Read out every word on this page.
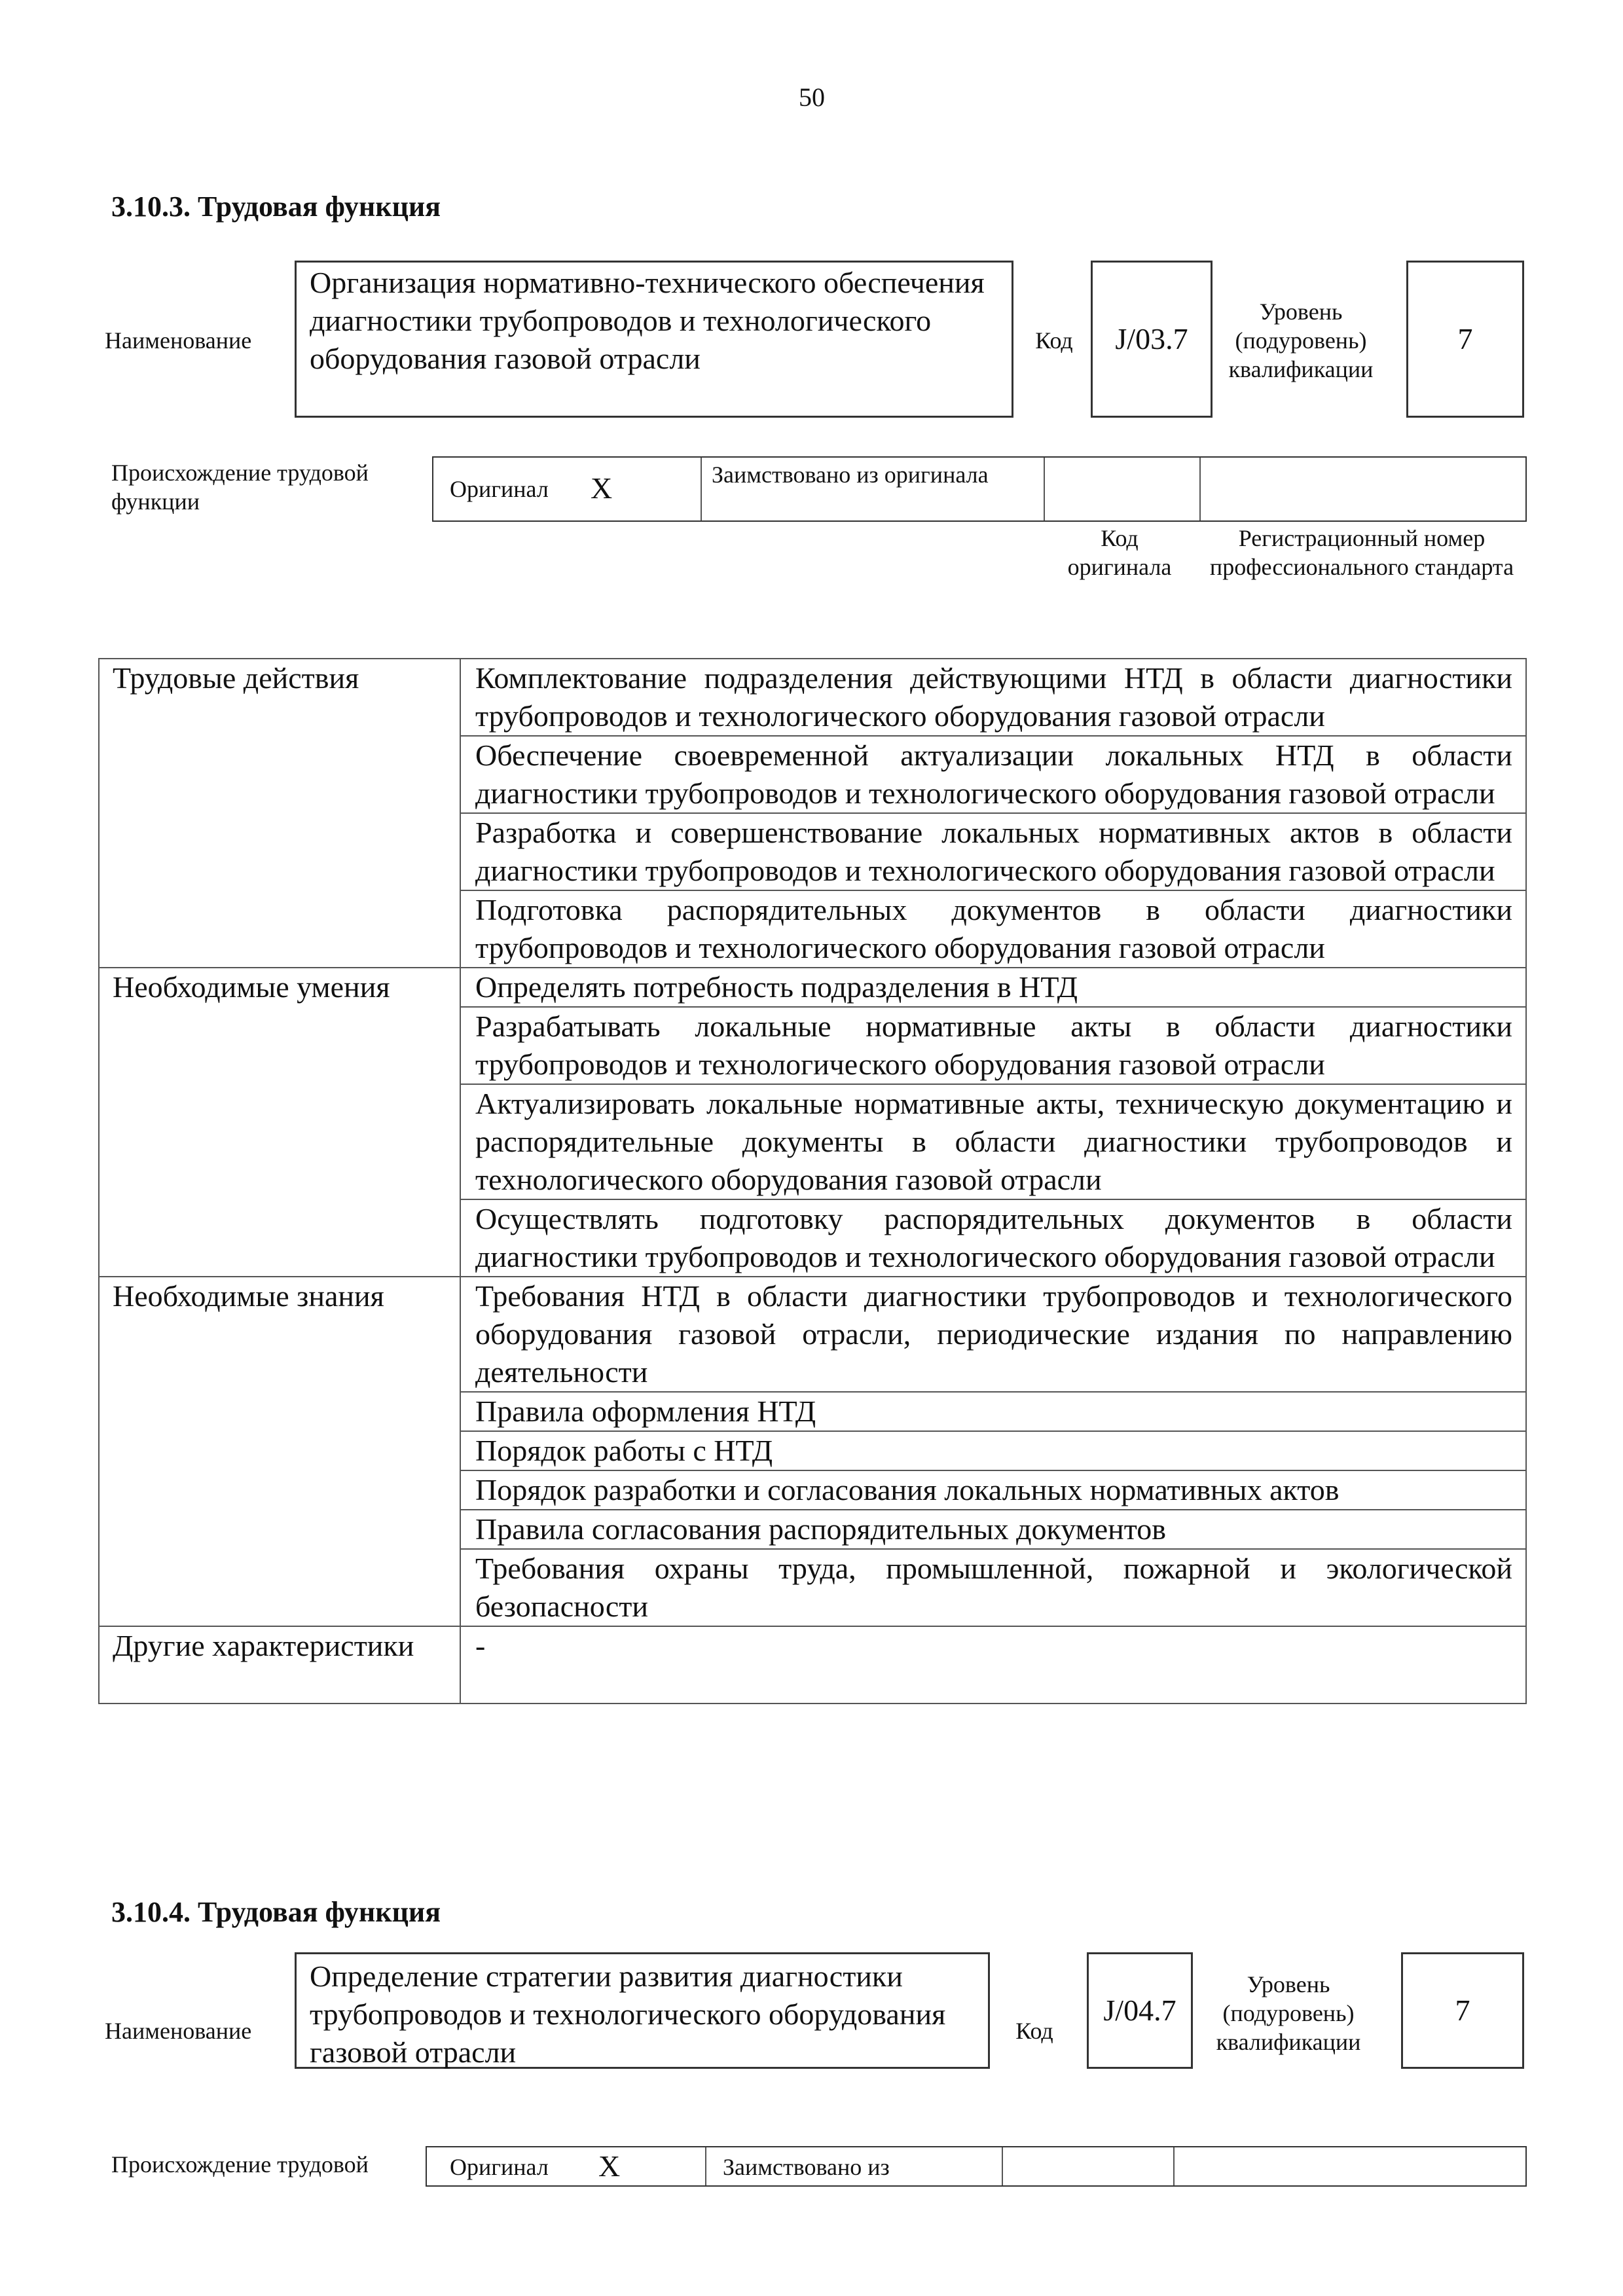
50
3.10.3. Трудовая функция
Наименование
Организация нормативно-технического обеспечения диагностики трубопроводов и технологического оборудования газовой отрасли
Код	J/03.7
Уровень (подуровень) квалификации
7
Происхождение трудовой функции	Оригинал X	Заимствовано из оригинала
Код оригинала
Регистрационный номер профессионального стандарта
Трудовые действия	Комплектование подразделения действующими НТД в области диагностики трубопроводов и технологического оборудования газовой отрасли
	Обеспечение своевременной актуализации локальных НТД в области диагностики трубопроводов и технологического оборудования газовой отрасли
	Разработка и совершенствование локальных нормативных актов в области диагностики трубопроводов и технологического оборудования газовой отрасли
	Подготовка распорядительных документов в области диагностики трубопроводов и технологического оборудования газовой отрасли
Необходимые умения	Определять потребность подразделения в НТД
	Разрабатывать локальные нормативные акты в области диагностики трубопроводов и технологического оборудования газовой отрасли
	Актуализировать локальные нормативные акты, техническую документацию и распорядительные документы в области диагностики трубопроводов и технологического оборудования газовой отрасли
	Осуществлять подготовку распорядительных документов в области диагностики трубопроводов и технологического оборудования газовой отрасли
Необходимые знания	Требования НТД в области диагностики трубопроводов и технологического оборудования газовой отрасли, периодические издания по направлению деятельности
	Правила оформления НТД
	Порядок работы с НТД
	Порядок разработки и согласования локальных нормативных актов
	Правила согласования распорядительных документов
	Требования охраны труда, промышленной, пожарной и экологической безопасности
Другие характеристики	-
3.10.4. Трудовая функция
Наименование
Определение стратегии развития диагностики трубопроводов и технологического оборудования газовой отрасли
Код
J/04.7
Уровень (подуровень) квалификации
7
Происхождение трудовой	Оригинал X	Заимствовано из
